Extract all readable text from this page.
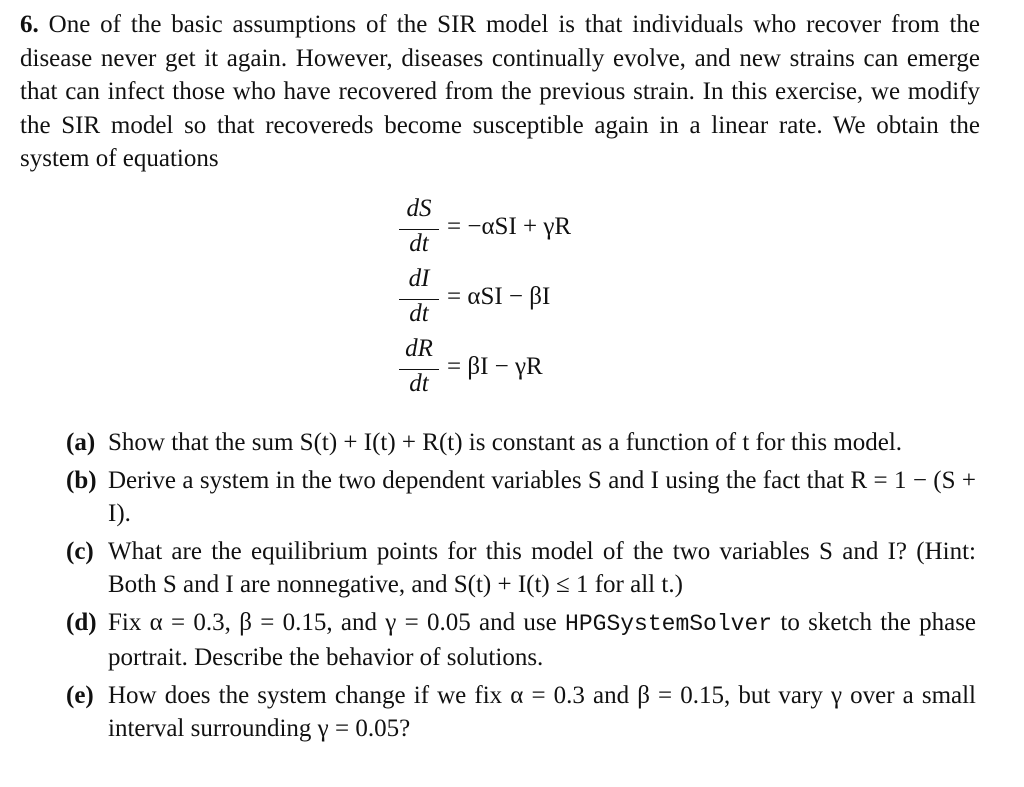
6. One of the basic assumptions of the SIR model is that individuals who recover from the disease never get it again. However, diseases continually evolve, and new strains can emerge that can infect those who have recovered from the previous strain. In this exercise, we modify the SIR model so that recovereds become susceptible again in a linear rate. We obtain the system of equations
dS
dt
= −αSI + γR
dI
dt
= αSI − βI
dR
dt
= βI − γR
(a) Show that the sum S(t) + I(t) + R(t) is constant as a function of t for this model.
(b) Derive a system in the two dependent variables S and I using the fact that R = 1 − (S + I).
(c) What are the equilibrium points for this model of the two variables S and I? (Hint: Both S and I are nonnegative, and S(t) + I(t) ≤ 1 for all t.)
(d) Fix α = 0.3, β = 0.15, and γ = 0.05 and use HPGSystemSolver to sketch the phase portrait. Describe the behavior of solutions.
(e) How does the system change if we fix α = 0.3 and β = 0.15, but vary γ over a small interval surrounding γ = 0.05?
